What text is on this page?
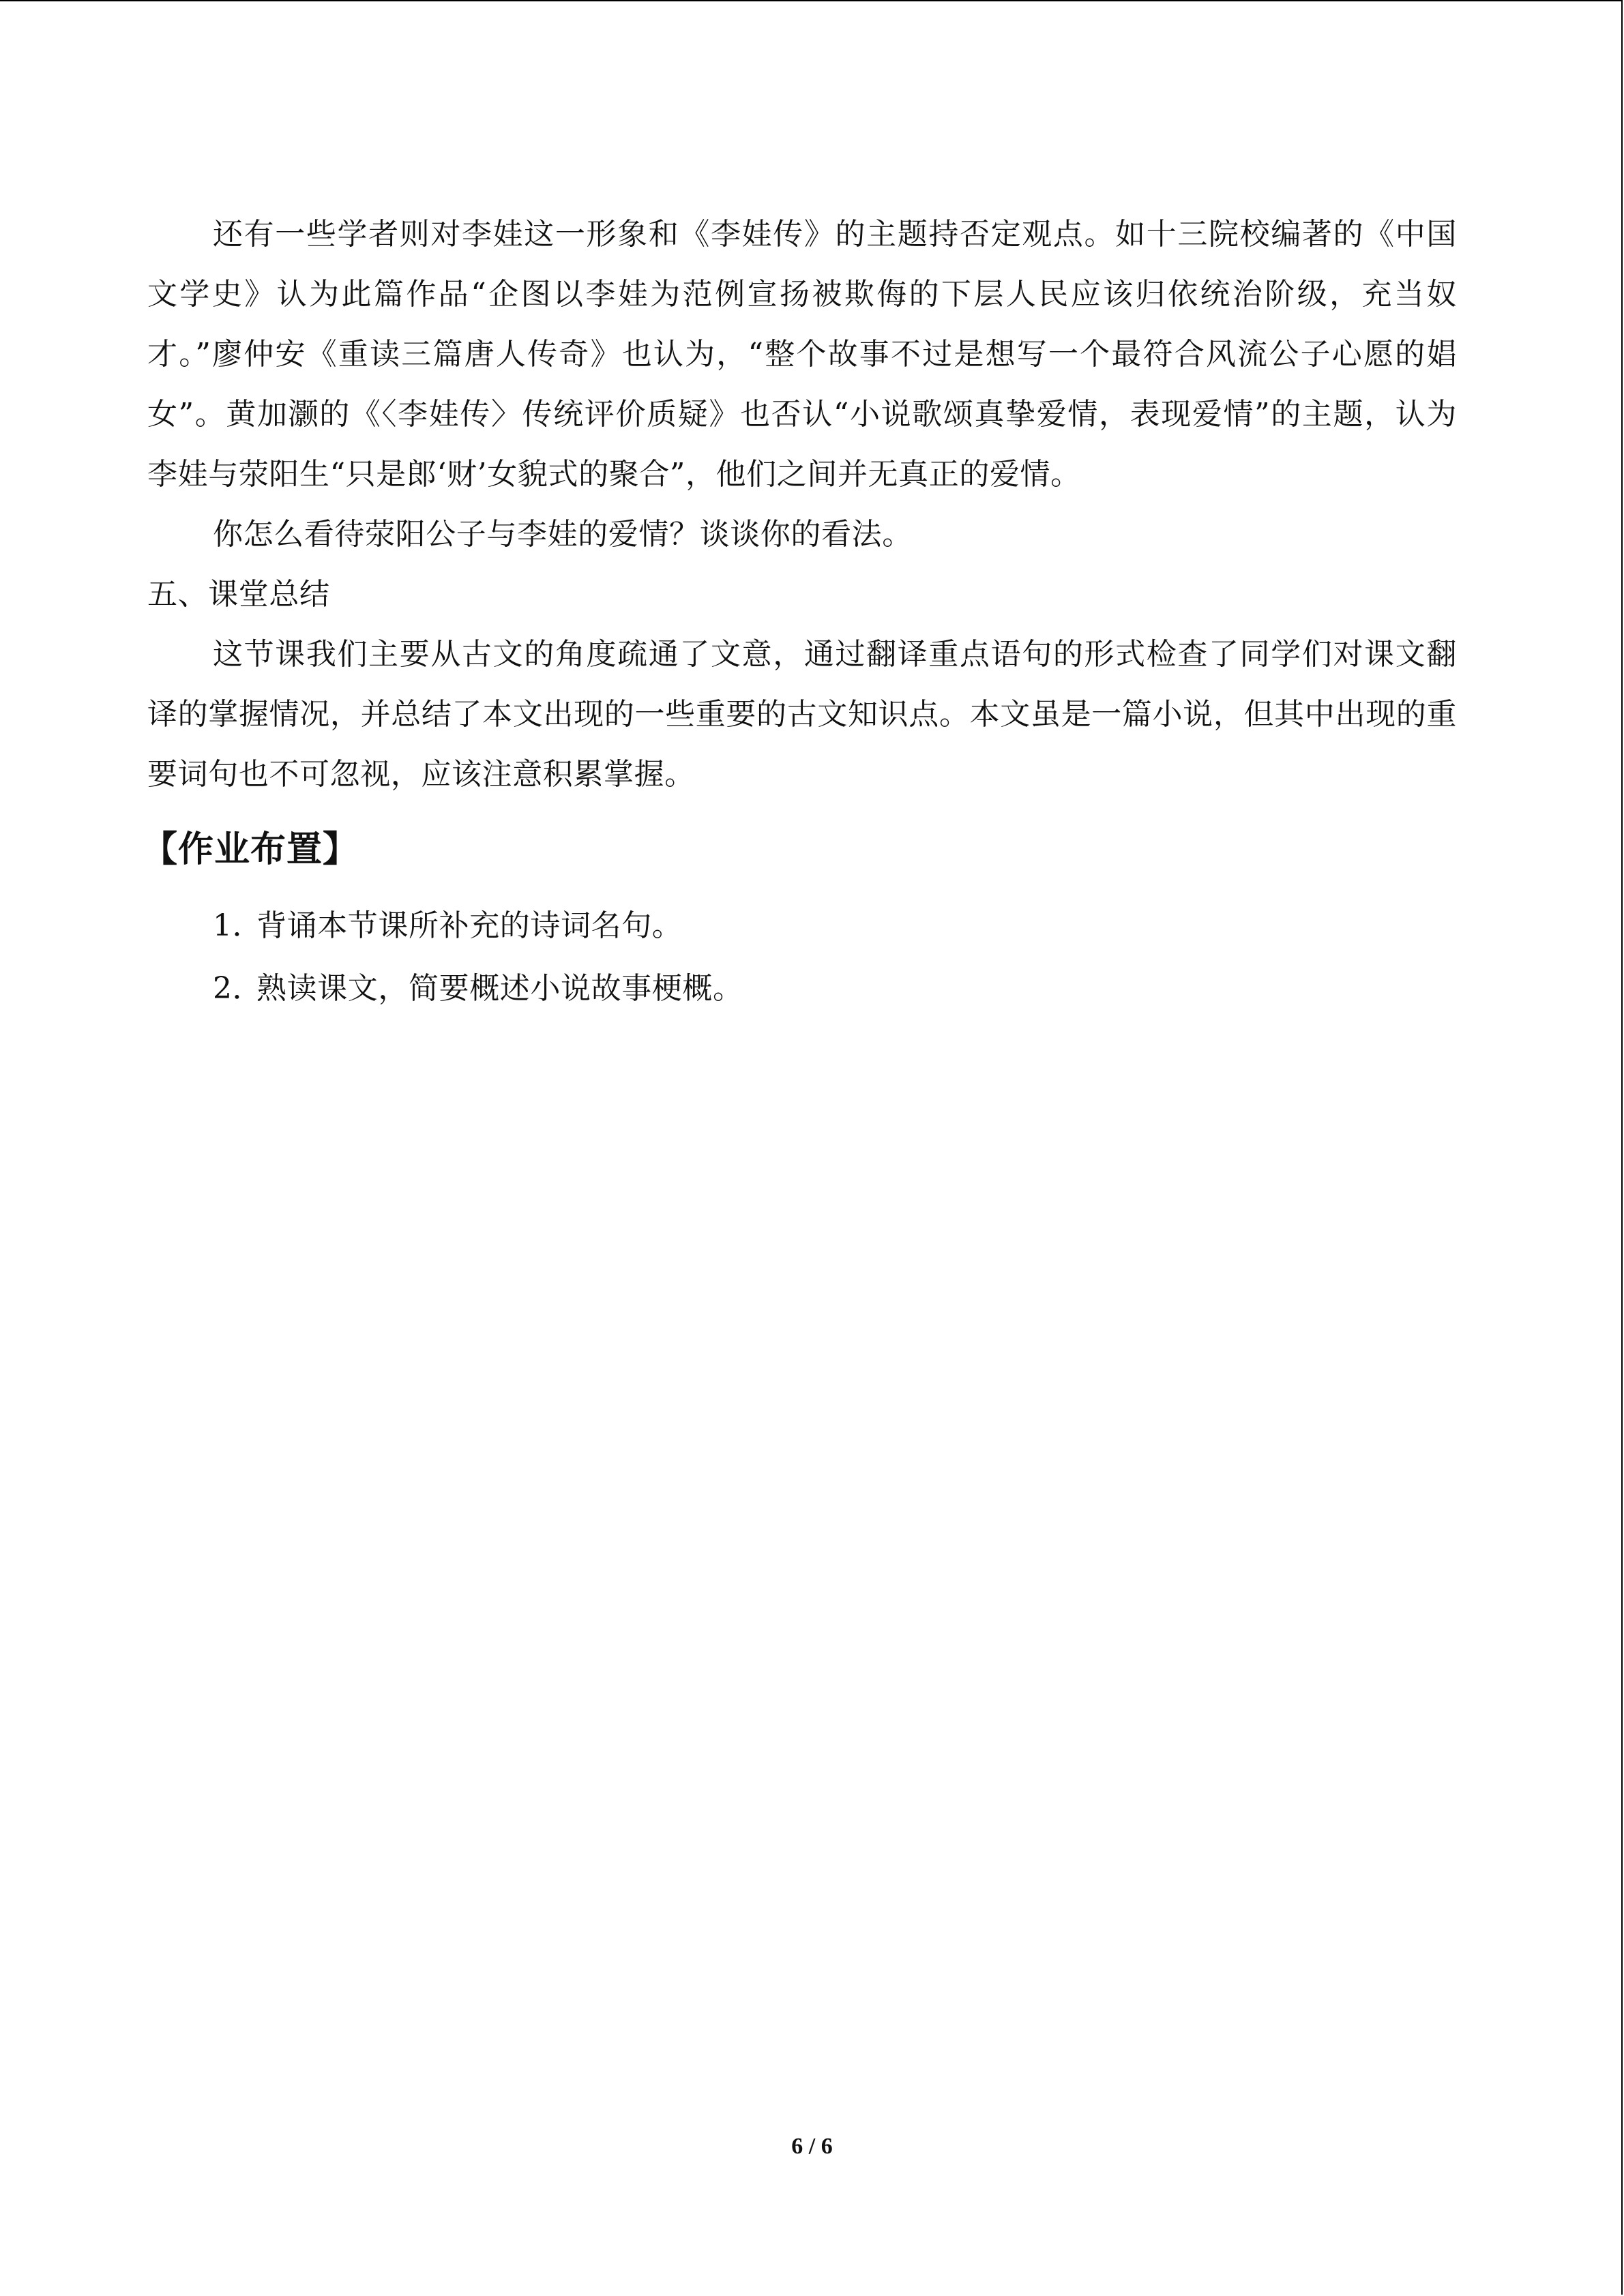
还有一些学者则对李娃这一形象和《李娃传》的主题持否定观点。如十三院校编著的《中国文学史》认为此篇作品“企图以李娃为范例宣扬被欺侮的下层人民应该归依统治阶级，充当奴才。”廖仲安《重读三篇唐人传奇》也认为，“整个故事不过是想写一个最符合风流公子心愿的娼女”。黄加灏的《〈李娃传〉传统评价质疑》也否认“小说歌颂真挚爱情，表现爱情”的主题，认为李娃与荥阳生“只是郎‘财’女貌式的聚合”，他们之间并无真正的爱情。

你怎么看待荥阳公子与李娃的爱情？谈谈你的看法。

五、课堂总结

这节课我们主要从古文的角度疏通了文意，通过翻译重点语句的形式检查了同学们对课文翻译的掌握情况，并总结了本文出现的一些重要的古文知识点。本文虽是一篇小说，但其中出现的重要词句也不可忽视，应该注意积累掌握。

【作业布置】
1．背诵本节课所补充的诗词名句。
2．熟读课文，简要概述小说故事梗概。
6 / 6
